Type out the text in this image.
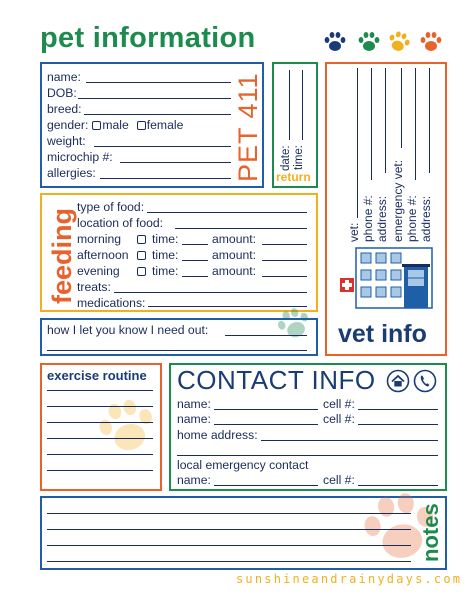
pet information
name:
DOB:
breed:
gender: male female
weight:
microchip #:
allergies:	PET 411 date: time:
return
vet: phone #: address: emergency vet: phone #: address:
vet info
feeding
type of food:
location of food:
morning	time:	amount:
afternoon time:	amount:
evening	time:	amount:
treats:
medications:
how I let you know I need out:
exercise routine CONTACT INFO
name:	cell #:
name:	cell #:
home address:
local emergency contact
name:	cell #:
notes
sunshineandrainydays.com
